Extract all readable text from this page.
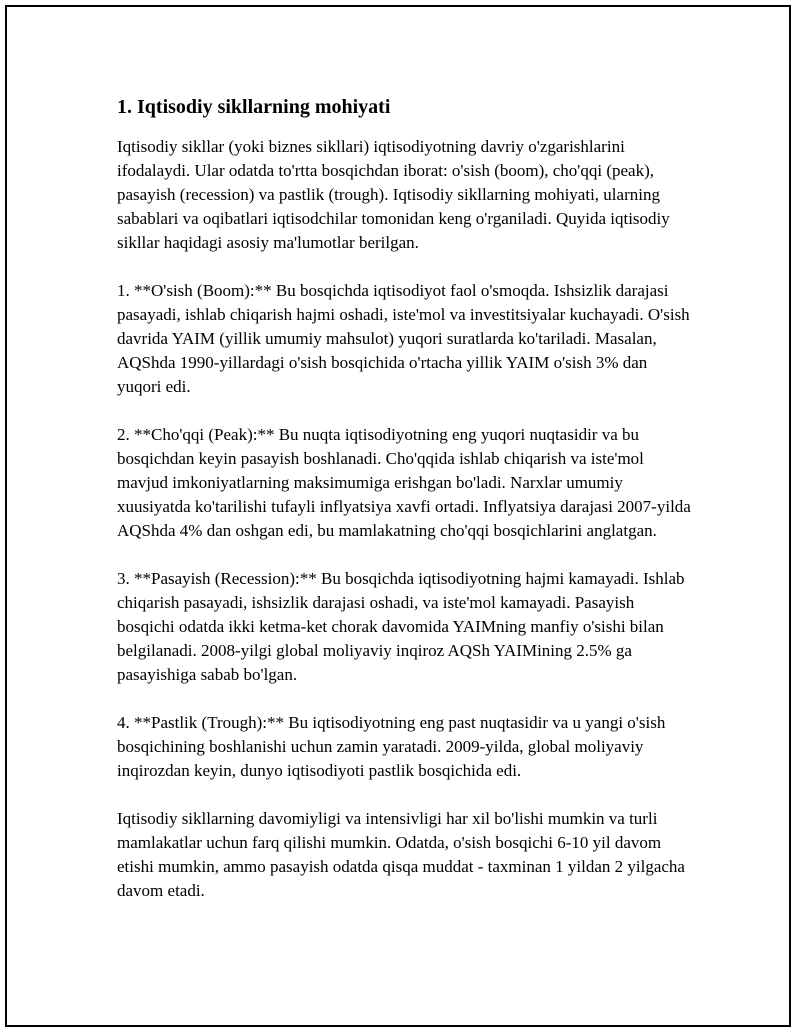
1. Iqtisodiy sikllarning mohiyati

Iqtisodiy sikllar (yoki biznes sikllari) iqtisodiyotning davriy o'zgarishlarini ifodalaydi. Ular odatda to'rtta bosqichdan iborat: o'sish (boom), cho'qqi (peak), pasayish (recession) va pastlik (trough). Iqtisodiy sikllarning mohiyati, ularning sabablari va oqibatlari iqtisodchilar tomonidan keng o'rganiladi. Quyida iqtisodiy sikllar haqidagi asosiy ma'lumotlar berilgan.

1. **O'sish (Boom):** Bu bosqichda iqtisodiyot faol o'smoqda. Ishsizlik darajasi pasayadi, ishlab chiqarish hajmi oshadi, iste'mol va investitsiyalar kuchayadi. O'sish davrida YAIM (yillik umumiy mahsulot) yuqori suratlarda ko'tariladi. Masalan, AQShda 1990-yillardagi o'sish bosqichida o'rtacha yillik YAIM o'sish 3% dan yuqori edi.

2. **Cho'qqi (Peak):** Bu nuqta iqtisodiyotning eng yuqori nuqtasidir va bu bosqichdan keyin pasayish boshlanadi. Cho'qqida ishlab chiqarish va iste'mol mavjud imkoniyatlarning maksimumiga erishgan bo'ladi. Narxlar umumiy xuusiyatda ko'tarilishi tufayli inflyatsiya xavfi ortadi. Inflyatsiya darajasi 2007-yilda AQShda 4% dan oshgan edi, bu mamlakatning cho'qqi bosqichlarini anglatgan.

3. **Pasayish (Recession):** Bu bosqichda iqtisodiyotning hajmi kamayadi. Ishlab chiqarish pasayadi, ishsizlik darajasi oshadi, va iste'mol kamayadi. Pasayish bosqichi odatda ikki ketma-ket chorak davomida YAIMning manfiy o'sishi bilan belgilanadi. 2008-yilgi global moliyaviy inqiroz AQSh YAIMining 2.5% ga pasayishiga sabab bo'lgan.

4. **Pastlik (Trough):** Bu iqtisodiyotning eng past nuqtasidir va u yangi o'sish bosqichining boshlanishi uchun zamin yaratadi. 2009-yilda, global moliyaviy inqirozdan keyin, dunyo iqtisodiyoti pastlik bosqichida edi.

Iqtisodiy sikllarning davomiyligi va intensivligi har xil bo'lishi mumkin va turli mamlakatlar uchun farq qilishi mumkin. Odatda, o'sish bosqichi 6-10 yil davom etishi mumkin, ammo pasayish odatda qisqa muddat - taxminan 1 yildan 2 yilgacha davom etadi.
